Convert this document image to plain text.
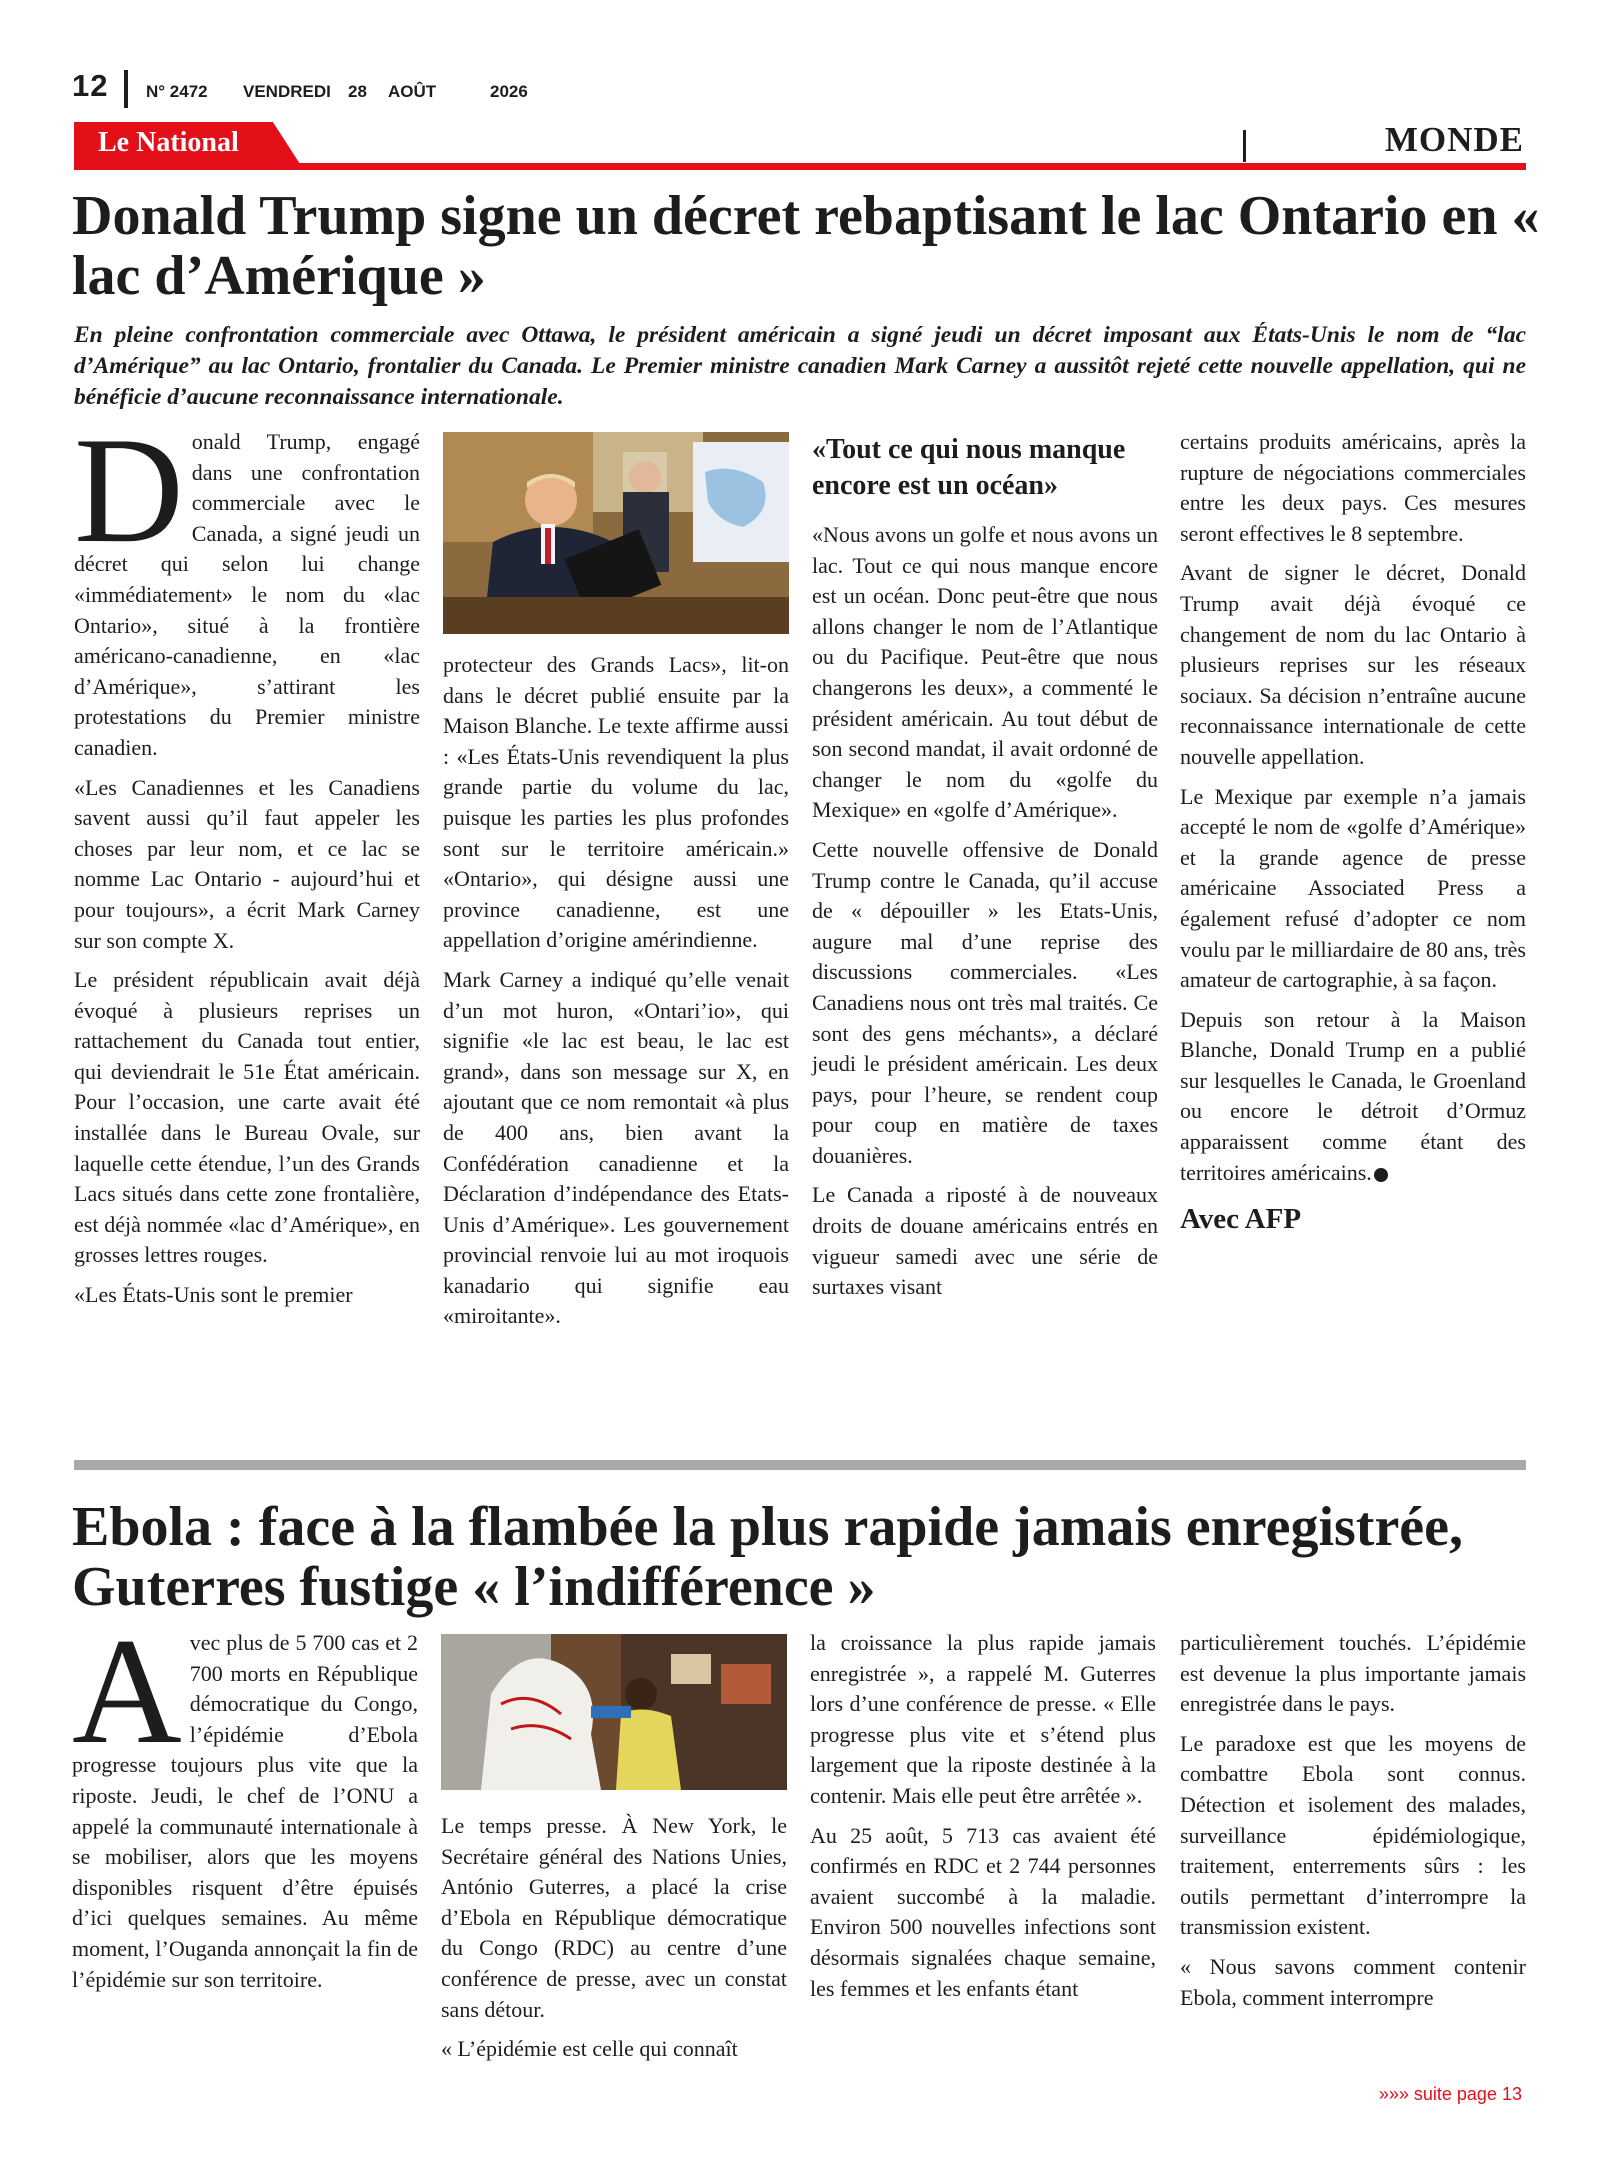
12 N° 2472 VENDREDI 28 AOÛT	2026
Le National	MONDE
Donald Trump signe un décret rebaptisant le lac Ontario en « lac d’Amérique »
En pleine confrontation commerciale avec Ottawa, le président américain a signé jeudi un décret imposant aux États-Unis le nom de “lac d’Amérique” au lac Ontario, frontalier du Canada. Le Premier ministre canadien Mark Carney a aussitôt rejeté cette nouvelle appellation, qui ne bénéficie d’aucune reconnaissance internationale.

Donald Trump, engagé dans une confrontation commerciale avec le Canada, a signé jeudi un décret qui selon lui change «immédiatement» le nom du «lac Ontario», situé à la frontière américano-canadienne, en «lac d’Amérique», s’attirant les protestations du Premier ministre canadien.

«Les Canadiennes et les Canadiens savent aussi qu’il faut appeler les choses par leur nom, et ce lac se nomme Lac Ontario - aujourd’hui et pour toujours», a écrit Mark Carney sur son compte X.

Le président républicain avait déjà évoqué à plusieurs reprises un rattachement du Canada tout entier, qui deviendrait le 51e État américain. Pour l’occasion, une carte avait été installée dans le Bureau Ovale, sur laquelle cette étendue, l’un des Grands Lacs situés dans cette zone frontalière, est déjà nommée «lac d’Amérique», en grosses lettres rouges.

«Les États-Unis sont le premier

protecteur des Grands Lacs», lit-on dans le décret publié ensuite par la Maison Blanche. Le texte affirme aussi : «Les États-Unis revendiquent la plus grande partie du volume du lac, puisque les parties les plus profondes sont sur le territoire américain.» «Ontario», qui désigne aussi une province canadienne, est une appellation d’origine amérindienne.

Mark Carney a indiqué qu’elle venait d’un mot huron, «Ontari’io», qui signifie «le lac est beau, le lac est grand», dans son message sur X, en ajoutant que ce nom remontait «à plus de 400 ans, bien avant la Confédération canadienne et la Déclaration d’indépendance des Etats-Unis d’Amérique». Les gouvernement provincial renvoie lui au mot iroquois kanadario qui signifie eau «miroitante».

«Tout ce qui nous manque encore est un océan»

«Nous avons un golfe et nous avons un lac. Tout ce qui nous manque encore est un océan. Donc peut-être que nous allons changer le nom de l’Atlantique ou du Pacifique. Peut-être que nous changerons les deux», a commenté le président américain. Au tout début de son second mandat, il avait ordonné de changer le nom du «golfe du Mexique» en «golfe d’Amérique».

Cette nouvelle offensive de Donald Trump contre le Canada, qu’il accuse de « dépouiller » les Etats-Unis, augure mal d’une reprise des discussions commerciales. «Les Canadiens nous ont très mal traités. Ce sont des gens méchants», a déclaré jeudi le président américain. Les deux pays, pour l’heure, se rendent coup pour coup en matière de taxes douanières.

Le Canada a riposté à de nouveaux droits de douane américains entrés en vigueur samedi avec une série de surtaxes visant

certains produits américains, après la rupture de négociations commerciales entre les deux pays. Ces mesures seront effectives le 8 septembre.

Avant de signer le décret, Donald Trump avait déjà évoqué ce changement de nom du lac Ontario à plusieurs reprises sur les réseaux sociaux. Sa décision n’entraîne aucune reconnaissance internationale de cette nouvelle appellation.

Le Mexique par exemple n’a jamais accepté le nom de «golfe d’Amérique» et la grande agence de presse américaine Associated Press a également refusé d’adopter ce nom voulu par le milliardaire de 80 ans, très amateur de cartographie, à sa façon.

Depuis son retour à la Maison Blanche, Donald Trump en a publié sur lesquelles le Canada, le Groenland ou encore le détroit d’Ormuz apparaissent comme étant des territoires américains.

Avec AFP
Ebola : face à la flambée la plus rapide jamais enregistrée, Guterres fustige « l’indifférence »

Avec plus de 5 700 cas et 2 700 morts en République démocratique du Congo, l’épidémie d’Ebola progresse toujours plus vite que la riposte. Jeudi, le chef de l’ONU a appelé la communauté internationale à se mobiliser, alors que les moyens disponibles risquent d’être épuisés d’ici quelques semaines. Au même moment, l’Ouganda annonçait la fin de l’épidémie sur son territoire.

Le temps presse. À New York, le Secrétaire général des Nations Unies, António Guterres, a placé la crise d’Ebola en République démocratique du Congo (RDC) au centre d’une conférence de presse, avec un constat sans détour.

« L’épidémie est celle qui connaît

la croissance la plus rapide jamais enregistrée », a rappelé M. Guterres lors d’une conférence de presse. « Elle progresse plus vite et s’étend plus largement que la riposte destinée à la contenir. Mais elle peut être arrêtée ».

Au 25 août, 5 713 cas avaient été confirmés en RDC et 2 744 personnes avaient succombé à la maladie. Environ 500 nouvelles infections sont désormais signalées chaque semaine, les femmes et les enfants étant

particulièrement touchés. L’épidémie est devenue la plus importante jamais enregistrée dans le pays.

Le paradoxe est que les moyens de combattre Ebola sont connus. Détection et isolement des malades, surveillance épidémiologique, traitement, enterrements sûrs : les outils permettant d’interrompre la transmission existent.

« Nous savons comment contenir Ebola, comment interrompre

»»» suite page 13
